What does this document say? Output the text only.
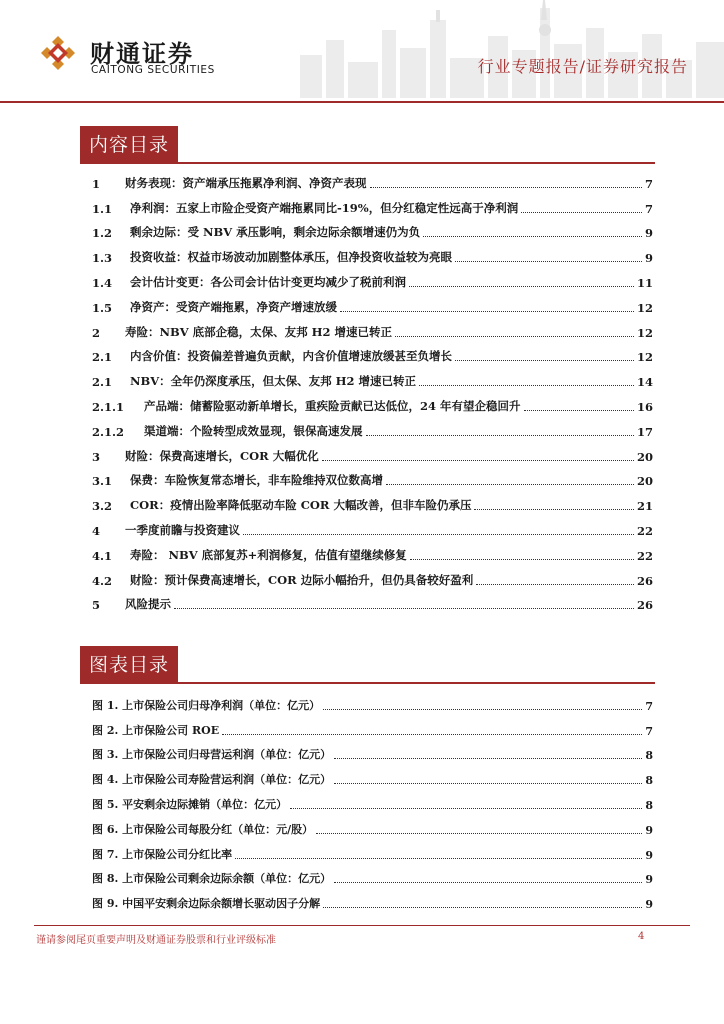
财通证券
CAITONG SECURITIES	行业专题报告/证券研究报告
内容目录
1	财务表现：资产端承压拖累净利润、净资产表现	7
1.1	净利润：五家上市险企受资产端拖累同比-19%，但分红稳定性远高于净利润	7
1.2	剩余边际：受 NBV 承压影响，剩余边际余额增速仍为负	9
1.3	投资收益：权益市场波动加剧整体承压，但净投资收益较为亮眼	9
1.4	会计估计变更：各公司会计估计变更均减少了税前利润	11
1.5	净资产：受资产端拖累，净资产增速放缓	12
2	寿险：NBV 底部企稳，太保、友邦 H2 增速已转正	12
2.1	内含价值：投资偏差普遍负贡献，内含价值增速放缓甚至负增长	12
2.1	NBV：全年仍深度承压，但太保、友邦 H2 增速已转正	14
2.1.1	产品端：储蓄险驱动新单增长，重疾险贡献已达低位，24 年有望企稳回升	16
2.1.2	渠道端：个险转型成效显现，银保高速发展	17
3	财险：保费高速增长，COR 大幅优化	20
3.1	保费：车险恢复常态增长，非车险维持双位数高增	20
3.2	COR：疫情出险率降低驱动车险 COR 大幅改善，但非车险仍承压	21
4	一季度前瞻与投资建议	22
4.1	寿险： NBV 底部复苏+利润修复，估值有望继续修复	22
4.2	财险：预计保费高速增长，COR 边际小幅抬升，但仍具备较好盈利	26
5	风险提示	26
图表目录
图 1. 上市保险公司归母净利润（单位：亿元）	7
图 2. 上市保险公司 ROE	7
图 3. 上市保险公司归母营运利润（单位：亿元）	8
图 4. 上市保险公司寿险营运利润（单位：亿元）	8
图 5. 平安剩余边际摊销（单位：亿元）	8
图 6. 上市保险公司每股分红（单位：元/股）	9
图 7. 上市保险公司分红比率	9
图 8. 上市保险公司剩余边际余额（单位：亿元）	9
图 9. 中国平安剩余边际余额增长驱动因子分解	9
谨请参阅尾页重要声明及财通证券股票和行业评级标准	4
